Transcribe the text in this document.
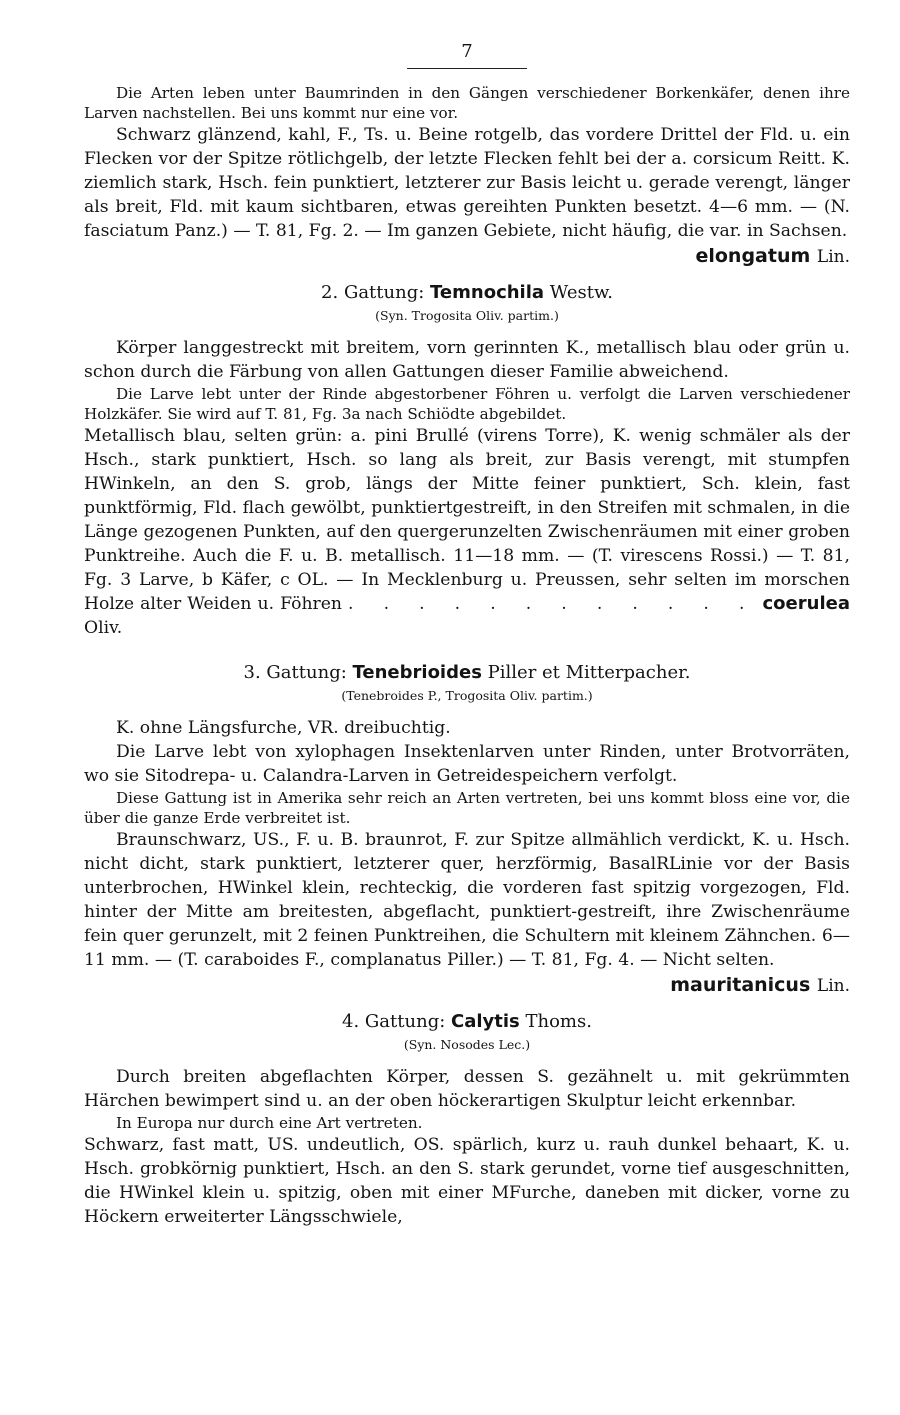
7

Die Arten leben unter Baumrinden in den Gängen verschiedener Borkenkäfer, denen ihre Larven nachstellen. Bei uns kommt nur eine vor.

Schwarz glänzend, kahl, F., Ts. u. Beine rotgelb, das vordere Drittel der Fld. u. ein Flecken vor der Spitze rötlichgelb, der letzte Flecken fehlt bei der a. corsicum Reitt. K. ziemlich stark, Hsch. fein punktiert, letzterer zur Basis leicht u. gerade verengt, länger als breit, Fld. mit kaum sichtbaren, etwas gereihten Punkten besetzt. 4—6 mm. — (N. fasciatum Panz.) — T. 81, Fg. 2. — Im ganzen Gebiete, nicht häufig, die var. in Sachsen.

elongatum Lin.
2. Gattung: Temnochila Westw.
(Syn. Trogosita Oliv. partim.)

Körper langgestreckt mit breitem, vorn gerinnten K., metallisch blau oder grün u. schon durch die Färbung von allen Gattungen dieser Familie abweichend.

Die Larve lebt unter der Rinde abgestorbener Föhren u. verfolgt die Larven verschiedener Holzkäfer. Sie wird auf T. 81, Fg. 3a nach Schiödte abgebildet.

Metallisch blau, selten grün: a. pini Brullé (virens Torre), K. wenig schmäler als der Hsch., stark punktiert, Hsch. so lang als breit, zur Basis verengt, mit stumpfen HWinkeln, an den S. grob, längs der Mitte feiner punktiert, Sch. klein, fast punktförmig, Fld. flach gewölbt, punktiertgestreift, in den Streifen mit schmalen, in die Länge gezogenen Punkten, auf den quergerunzelten Zwischenräumen mit einer groben Punktreihe. Auch die F. u. B. metallisch. 11—18 mm. — (T. virescens Rossi.) — T. 81, Fg. 3 Larve, b Käfer, c OL. — In Mecklenburg u. Preussen, sehr selten im morschen Holze alter Weiden u. Föhren . . . . . . . . . . . . coerulea Oliv.

3. Gattung: Tenebrioides Piller et Mitterpacher.
(Tenebroides P., Trogosita Oliv. partim.)

K. ohne Längsfurche, VR. dreibuchtig.

Die Larve lebt von xylophagen Insektenlarven unter Rinden, unter Brotvorräten, wo sie Sitodrepa- u. Calandra-Larven in Getreidespeichern verfolgt.

Diese Gattung ist in Amerika sehr reich an Arten vertreten, bei uns kommt bloss eine vor, die über die ganze Erde verbreitet ist.

Braunschwarz, US., F. u. B. braunrot, F. zur Spitze allmählich verdickt, K. u. Hsch. nicht dicht, stark punktiert, letzterer quer, herzförmig, BasalRLinie vor der Basis unterbrochen, HWinkel klein, rechteckig, die vorderen fast spitzig vorgezogen, Fld. hinter der Mitte am breitesten, abgeflacht, punktiert-gestreift, ihre Zwischenräume fein quer gerunzelt, mit 2 feinen Punktreihen, die Schultern mit kleinem Zähnchen. 6—11 mm. — (T. caraboides F., complanatus Piller.) — T. 81, Fg. 4. — Nicht selten.

mauritanicus Lin.
4. Gattung: Calytis Thoms.
(Syn. Nosodes Lec.)

Durch breiten abgeflachten Körper, dessen S. gezähnelt u. mit gekrümmten Härchen bewimpert sind u. an der oben höckerartigen Skulptur leicht erkennbar.

In Europa nur durch eine Art vertreten.

Schwarz, fast matt, US. undeutlich, OS. spärlich, kurz u. rauh dunkel behaart, K. u. Hsch. grobkörnig punktiert, Hsch. an den S. stark gerundet, vorne tief ausgeschnitten, die HWinkel klein u. spitzig, oben mit einer MFurche, daneben mit dicker, vorne zu Höckern erweiterter Längsschwiele,
